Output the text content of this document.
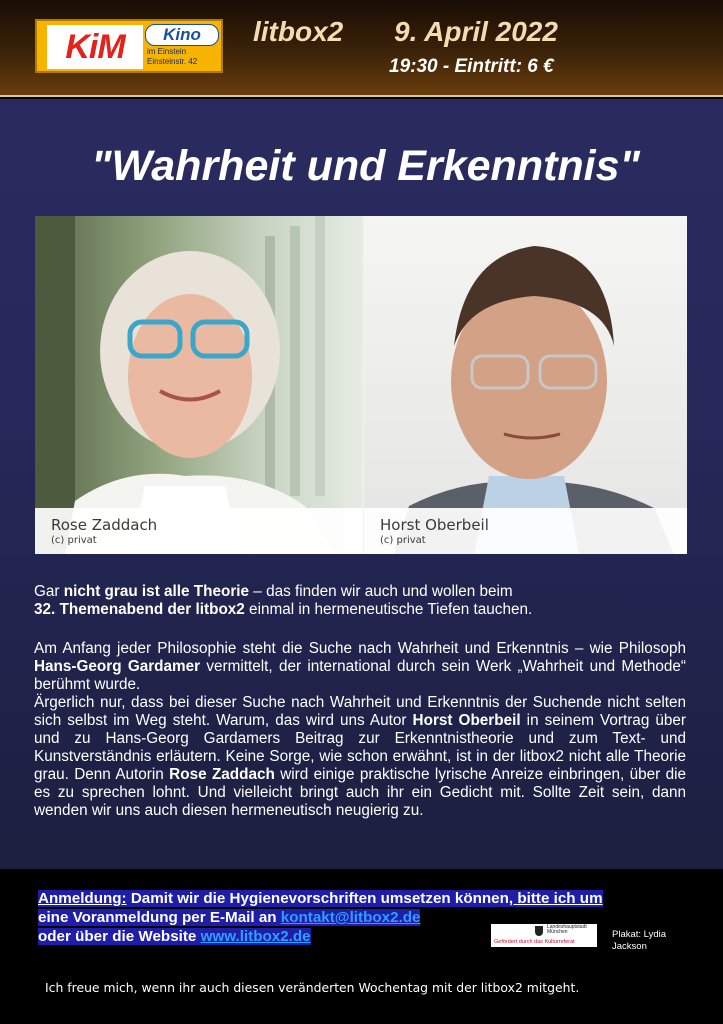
KiM	Kino
im Einstein
Einsteinstr. 42
litbox2 9. April 2022
19:30 - Eintritt: 6 €
"Wahrheit und Erkenntnis"
Rose Zaddach
(c) privat
Horst Oberbeil
(c) privat
Gar nicht grau ist alle Theorie – das finden wir auch und wollen beim
32. Themenabend der litbox2 einmal in hermeneutische Tiefen tauchen.
Am Anfang jeder Philosophie steht die Suche nach Wahrheit und Erkenntnis – wie Philosoph Hans-Georg Gardamer vermittelt, der international durch sein Werk „Wahrheit und Methode“ berühmt wurde.
Ärgerlich nur, dass bei dieser Suche nach Wahrheit und Erkenntnis der Suchende nicht selten sich selbst im Weg steht. Warum, das wird uns Autor Horst Oberbeil in seinem Vortrag über und zu Hans-Georg Gardamers Beitrag zur Erkenntnistheorie und zum Text- und Kunstverständnis erläutern. Keine Sorge, wie schon erwähnt, ist in der litbox2 nicht alle Theorie grau. Denn Autorin Rose Zaddach wird einige praktische lyrische Anreize einbringen, über die es zu sprechen lohnt. Und vielleicht bringt auch ihr ein Gedicht mit. Sollte Zeit sein, dann wenden wir uns auch diesen hermeneutisch neugierig zu.
Anmeldung: Damit wir die Hygienevorschriften umsetzen können, bitte ich um
eine Voranmeldung per E-Mail an kontakt@litbox2.de
oder über die Website www.litbox2.de
Landeshauptstadt München
Gefördert durch das Kulturreferat
Plakat: Lydia Jackson
Ich freue mich, wenn ihr auch diesen veränderten Wochentag mit der litbox2 mitgeht.
